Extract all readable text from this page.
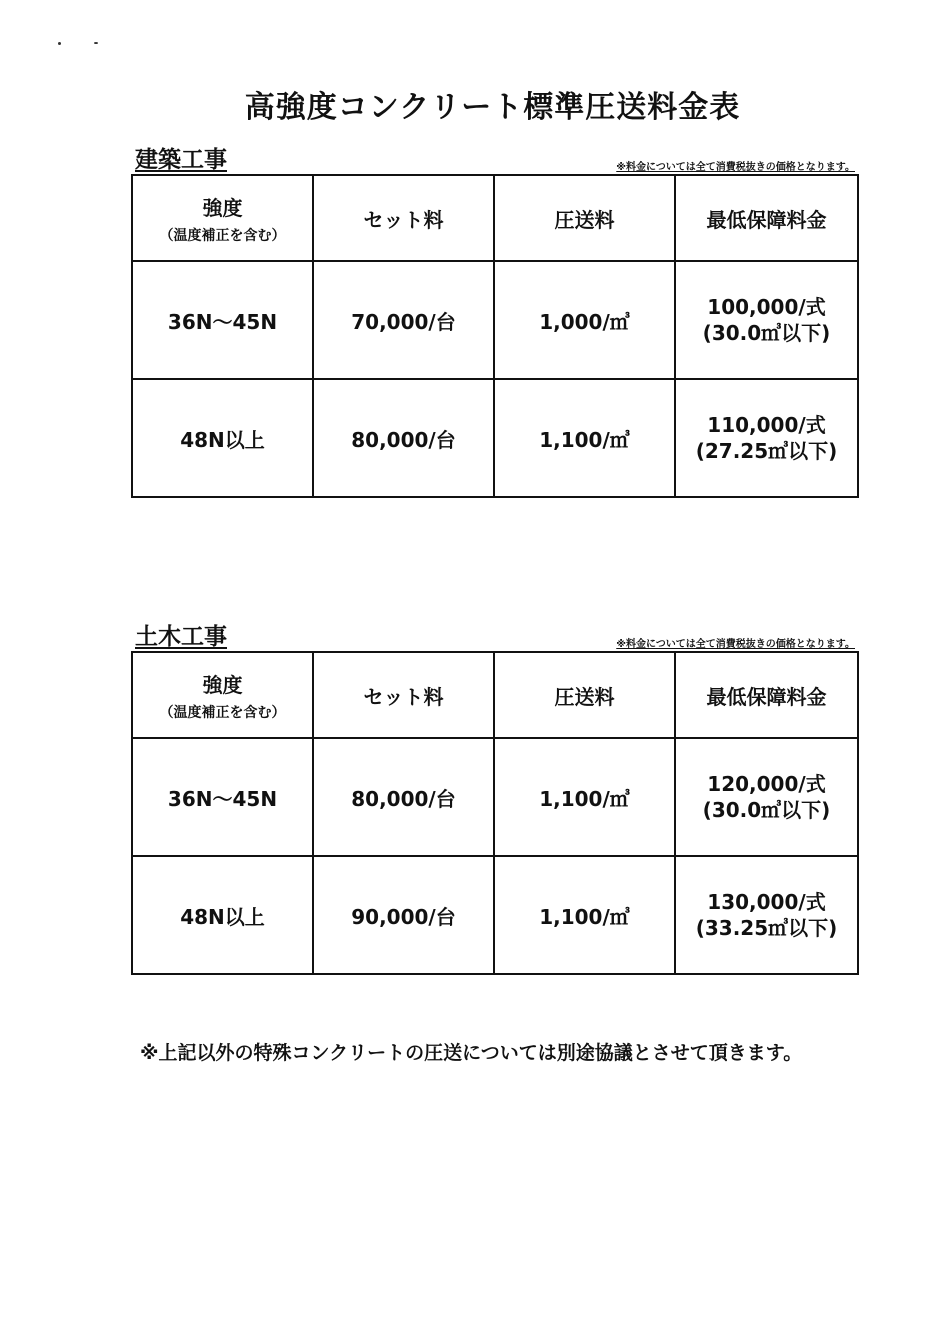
高強度コンクリート標準圧送料金表
建築工事	※料金については全て消費税抜きの価格となります。
強度
（温度補正を含む）	セット料	圧送料	最低保障料金
36N～45N	70,000/台	1,000/㎥	100,000/式
(30.0㎥以下)

48N以上	80,000/台	1,100/㎥	110,000/式
(27.25㎥以下)
土木工事	※料金については全て消費税抜きの価格となります。
強度
（温度補正を含む）	セット料	圧送料	最低保障料金
36N～45N	80,000/台	1,100/㎥	120,000/式
(30.0㎥以下)

48N以上	90,000/台	1,100/㎥	130,000/式
(33.25㎥以下)
※上記以外の特殊コンクリートの圧送については別途協議とさせて頂きます。
